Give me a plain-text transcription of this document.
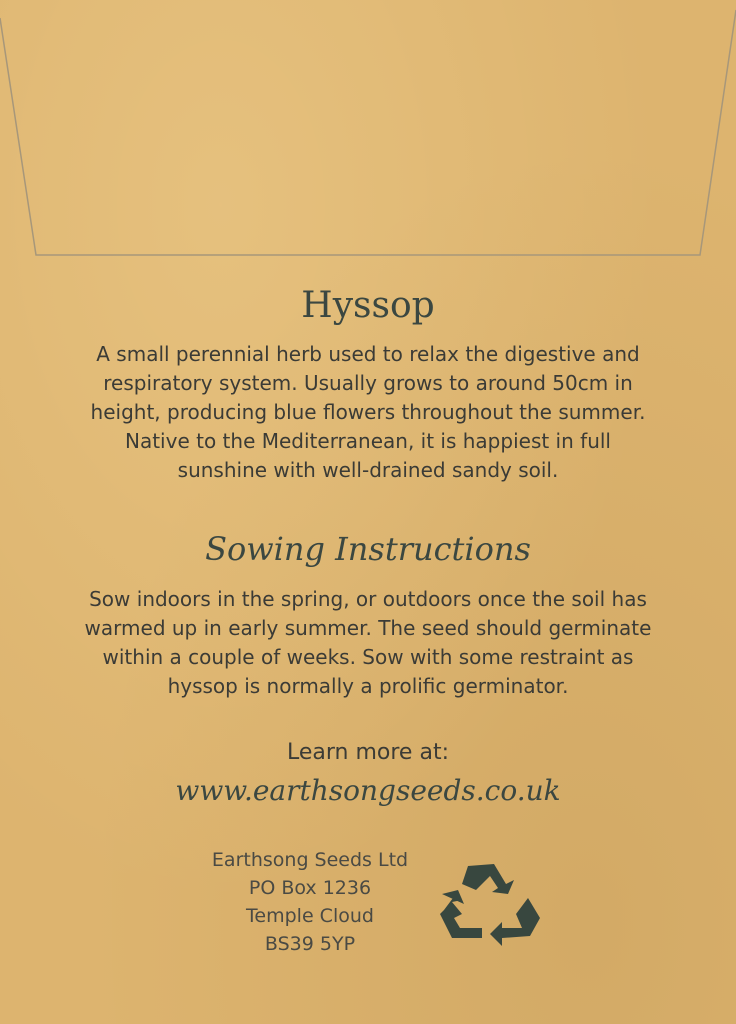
Hyssop
A small perennial herb used to relax the digestive and
respiratory system. Usually grows to around 50cm in
height, producing blue flowers throughout the summer.
Native to the Mediterranean, it is happiest in full
sunshine with well-drained sandy soil.
Sowing Instructions
Sow indoors in the spring, or outdoors once the soil has
warmed up in early summer. The seed should germinate
within a couple of weeks. Sow with some restraint as
hyssop is normally a prolific germinator.
Learn more at:
www.earthsongseeds.co.uk
Earthsong Seeds Ltd
PO Box 1236
Temple Cloud
BS39 5YP
